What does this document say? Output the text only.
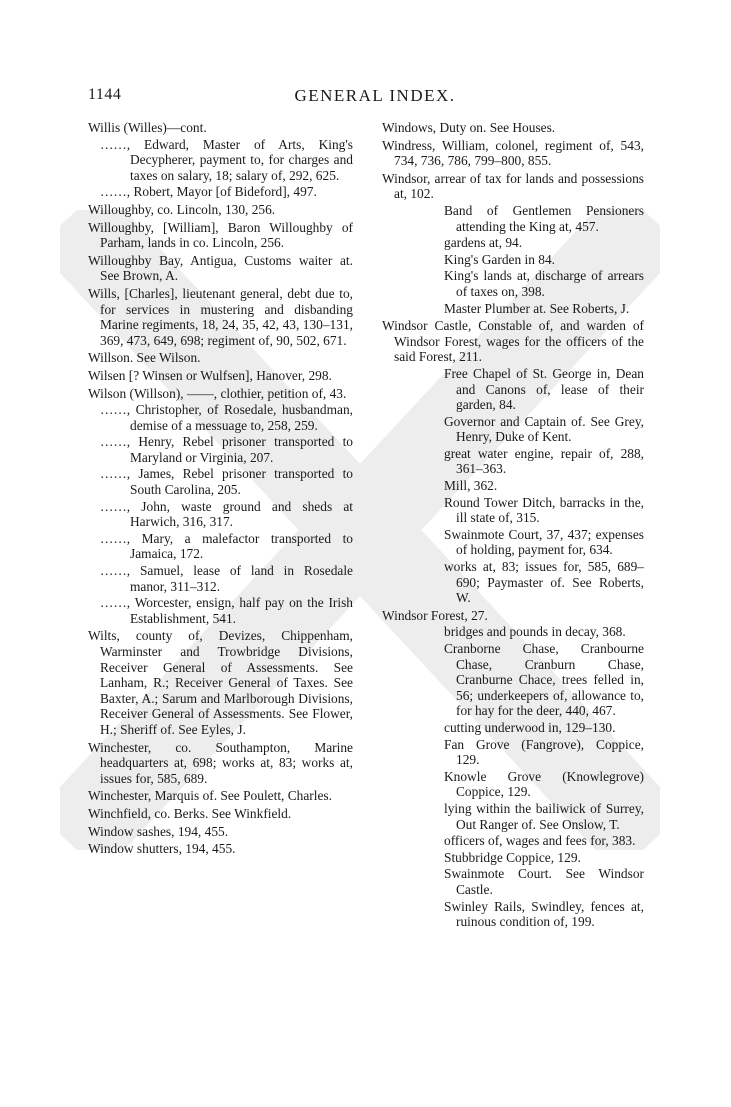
1144	GENERAL INDEX.
Willis (Willes)—cont.
……, Edward, Master of Arts, King's Decypherer, payment to, for charges and taxes on salary, 18; salary of, 292, 625.
……, Robert, Mayor [of Bideford], 497.
Willoughby, co. Lincoln, 130, 256.
Willoughby, [William], Baron Willoughby of Parham, lands in co. Lincoln, 256.
Willoughby Bay, Antigua, Customs waiter at. See Brown, A.
Wills, [Charles], lieutenant general, debt due to, for services in mustering and disbanding Marine regiments, 18, 24, 35, 42, 43, 130–131, 369, 473, 649, 698; regiment of, 90, 502, 671.
Willson. See Wilson.
Wilsen [? Winsen or Wulfsen], Hanover, 298.
Wilson (Willson), ——, clothier, petition of, 43.
……, Christopher, of Rosedale, husbandman, demise of a messuage to, 258, 259.
……, Henry, Rebel prisoner transported to Maryland or Virginia, 207.
……, James, Rebel prisoner transported to South Carolina, 205.
……, John, waste ground and sheds at Harwich, 316, 317.
……, Mary, a malefactor transported to Jamaica, 172.
……, Samuel, lease of land in Rosedale manor, 311–312.
……, Worcester, ensign, half pay on the Irish Establishment, 541.
Wilts, county of, Devizes, Chippenham, Warminster and Trowbridge Divisions, Receiver General of Assessments. See Lanham, R.; Receiver General of Taxes. See Baxter, A.; Sarum and Marlborough Divisions, Receiver General of Assessments. See Flower, H.; Sheriff of. See Eyles, J.
Winchester, co. Southampton, Marine headquarters at, 698; works at, 83; works at, issues for, 585, 689.
Winchester, Marquis of. See Poulett, Charles.
Winchfield, co. Berks. See Winkfield.
Window sashes, 194, 455.
Window shutters, 194, 455.
Windows, Duty on. See Houses.
Windress, William, colonel, regiment of, 543, 734, 736, 786, 799–800, 855.
Windsor, arrear of tax for lands and possessions at, 102.
Band of Gentlemen Pensioners attending the King at, 457.
gardens at, 94.
King's Garden in 84.
King's lands at, discharge of arrears of taxes on, 398.
Master Plumber at. See Roberts, J.
Windsor Castle, Constable of, and warden of Windsor Forest, wages for the officers of the said Forest, 211.
Free Chapel of St. George in, Dean and Canons of, lease of their garden, 84.
Governor and Captain of. See Grey, Henry, Duke of Kent.
great water engine, repair of, 288, 361–363.
Mill, 362.
Round Tower Ditch, barracks in the, ill state of, 315.
Swainmote Court, 37, 437; expenses of holding, payment for, 634.
works at, 83; issues for, 585, 689–690; Paymaster of. See Roberts, W.
Windsor Forest, 27.
bridges and pounds in decay, 368.
Cranborne Chase, Cranbourne Chase, Cranburn Chase, Cranburne Chace, trees felled in, 56; underkeepers of, allowance to, for hay for the deer, 440, 467.
cutting underwood in, 129–130.
Fan Grove (Fangrove), Coppice, 129.
Knowle Grove (Knowlegrove) Coppice, 129.
lying within the bailiwick of Surrey, Out Ranger of. See Onslow, T.
officers of, wages and fees for, 383.
Stubbridge Coppice, 129.
Swainmote Court. See Windsor Castle.
Swinley Rails, Swindley, fences at, ruinous condition of, 199.
